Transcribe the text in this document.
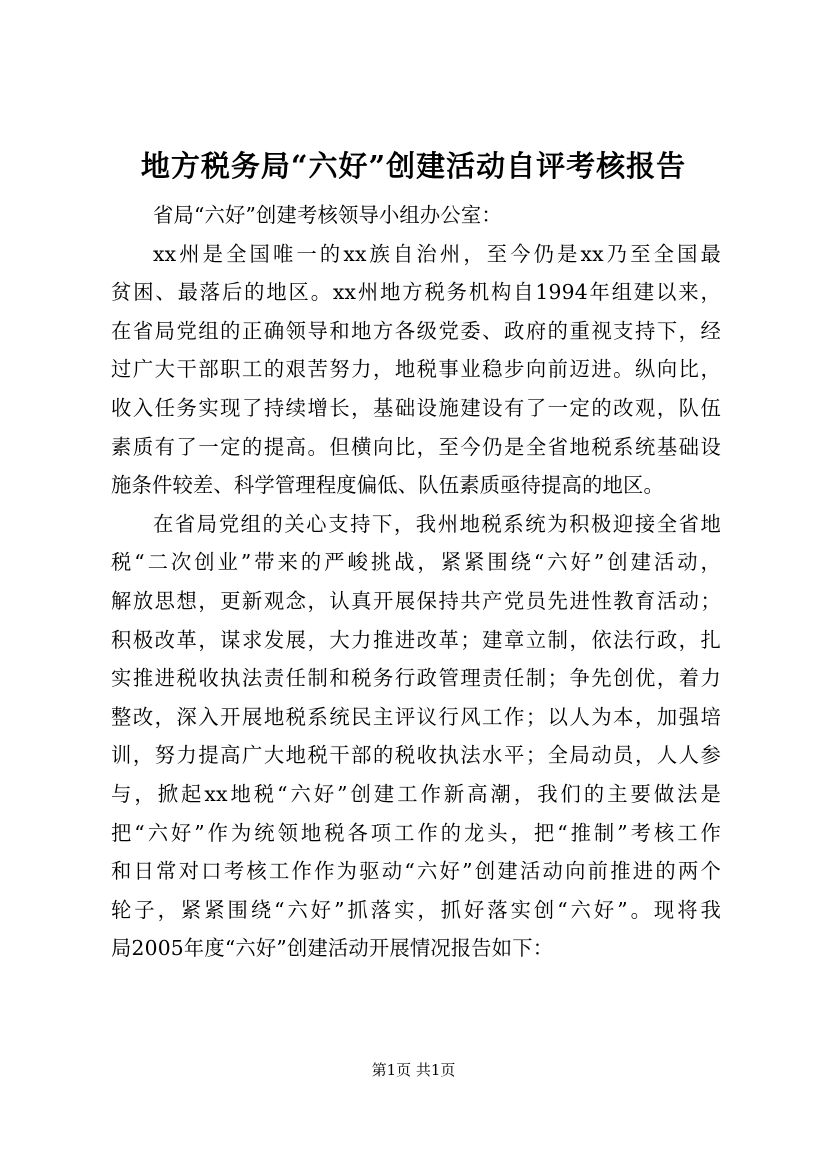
地方税务局“六好”创建活动自评考核报告
省局“六好”创建考核领导小组办公室：
xx州是全国唯一的xx族自治州，至今仍是xx乃至全国最
贫困、最落后的地区。xx州地方税务机构自1994年组建以来，
在省局党组的正确领导和地方各级党委、政府的重视支持下，经
过广大干部职工的艰苦努力，地税事业稳步向前迈进。纵向比，
收入任务实现了持续增长，基础设施建设有了一定的改观，队伍
素质有了一定的提高。但横向比，至今仍是全省地税系统基础设
施条件较差、科学管理程度偏低、队伍素质亟待提高的地区。
在省局党组的关心支持下，我州地税系统为积极迎接全省地
税“二次创业”带来的严峻挑战，紧紧围绕“六好”创建活动，
解放思想，更新观念，认真开展保持共产党员先进性教育活动；
积极改革，谋求发展，大力推进改革；建章立制，依法行政，扎
实推进税收执法责任制和税务行政管理责任制；争先创优，着力
整改，深入开展地税系统民主评议行风工作；以人为本，加强培
训，努力提高广大地税干部的税收执法水平；全局动员，人人参
与，掀起xx地税“六好”创建工作新高潮，我们的主要做法是
把“六好”作为统领地税各项工作的龙头，把“推制”考核工作
和日常对口考核工作作为驱动“六好”创建活动向前推进的两个
轮子，紧紧围绕“六好”抓落实，抓好落实创“六好”。现将我
局2005年度“六好”创建活动开展情况报告如下：
第1页 共1页
